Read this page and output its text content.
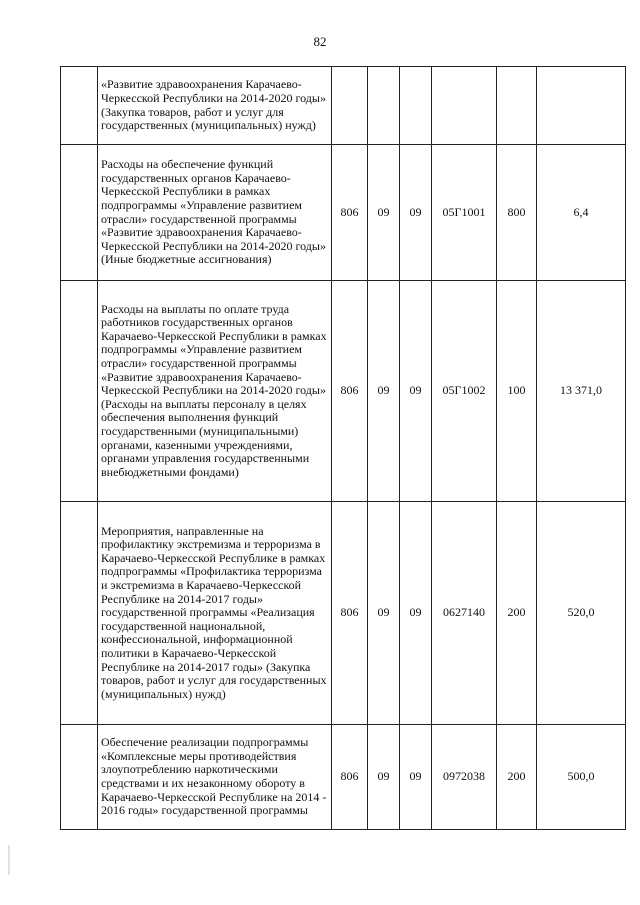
82
	«Развитие здравоохранения Карачаево-Черкесской Республики на 2014-2020 годы» (Закупка товаров, работ и услуг для государственных (муниципальных) нужд)						
	Расходы на обеспечение функций государственных органов Карачаево-Черкесской Республики в рамках подпрограммы «Управление развитием отрасли» государственной программы «Развитие здравоохранения Карачаево-Черкесской Республики на 2014-2020 годы» (Иные бюджетные ассигнования)	806	09	09	05Г1001	800	6,4
	Расходы на выплаты по оплате труда работников государственных органов Карачаево-Черкесской Республики в рамках подпрограммы «Управление развитием отрасли» государственной программы «Развитие здравоохранения Карачаево-Черкесской Республики на 2014-2020 годы» (Расходы на выплаты персоналу в целях обеспечения выполнения функций государственными (муниципальными) органами, казенными учреждениями, органами управления государственными внебюджетными фондами)	806	09	09	05Г1002	100	13 371,0
	Мероприятия, направленные на профилактику экстремизма и терроризма в Карачаево-Черкесской Республике в рамках подпрограммы «Профилактика терроризма и экстремизма в Карачаево-Черкесской Республике на 2014-2017 годы» государственной программы «Реализация государственной национальной, конфессиональной, информационной политики в Карачаево-Черкесской Республике на 2014-2017 годы» (Закупка товаров, работ и услуг для государственных (муниципальных) нужд)	806	09	09	0627140	200	520,0
	Обеспечение реализации подпрограммы «Комплексные меры противодействия злоупотреблению наркотическими средствами и их незаконному обороту в Карачаево-Черкесской Республике на 2014 - 2016 годы» государственной программы	806	09	09	0972038	200	500,0
